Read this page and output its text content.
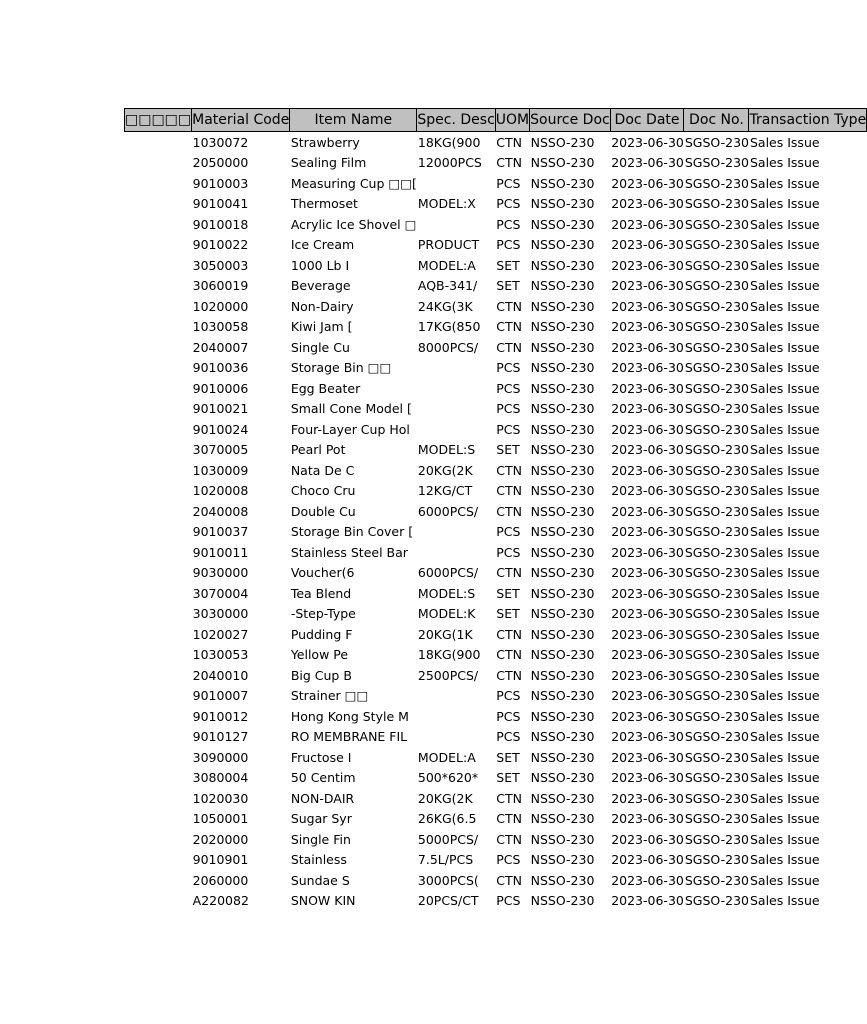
□□□□□	Material Code	Item Name	Spec. Desc	UOM	Source Doc	Doc Date	Doc No.	Transaction Type
	1030072	Strawberry	18KG(900	CTN	NSSO-230	2023-06-30	SGSO-230	Sales Issue
	2050000	Sealing Film	12000PCS	CTN	NSSO-230	2023-06-30	SGSO-230	Sales Issue
	9010003	Measuring Cup □□[		PCS	NSSO-230	2023-06-30	SGSO-230	Sales Issue
	9010041	Thermoset	MODEL:X	PCS	NSSO-230	2023-06-30	SGSO-230	Sales Issue
	9010018	Acrylic Ice Shovel □		PCS	NSSO-230	2023-06-30	SGSO-230	Sales Issue
	9010022	Ice Cream	PRODUCT	PCS	NSSO-230	2023-06-30	SGSO-230	Sales Issue
	3050003	1000 Lb I	MODEL:A	SET	NSSO-230	2023-06-30	SGSO-230	Sales Issue
	3060019	Beverage	AQB-341/	SET	NSSO-230	2023-06-30	SGSO-230	Sales Issue
	1020000	Non-Dairy	24KG(3K	CTN	NSSO-230	2023-06-30	SGSO-230	Sales Issue
	1030058	Kiwi Jam [	17KG(850	CTN	NSSO-230	2023-06-30	SGSO-230	Sales Issue
	2040007	Single Cu	8000PCS/	CTN	NSSO-230	2023-06-30	SGSO-230	Sales Issue
	9010036	Storage Bin □□		PCS	NSSO-230	2023-06-30	SGSO-230	Sales Issue
	9010006	Egg Beater		PCS	NSSO-230	2023-06-30	SGSO-230	Sales Issue
	9010021	Small Cone Model [		PCS	NSSO-230	2023-06-30	SGSO-230	Sales Issue
	9010024	Four-Layer Cup Hol		PCS	NSSO-230	2023-06-30	SGSO-230	Sales Issue
	3070005	Pearl Pot	MODEL:S	SET	NSSO-230	2023-06-30	SGSO-230	Sales Issue
	1030009	Nata De C	20KG(2K	CTN	NSSO-230	2023-06-30	SGSO-230	Sales Issue
	1020008	Choco Cru	12KG/CT	CTN	NSSO-230	2023-06-30	SGSO-230	Sales Issue
	2040008	Double Cu	6000PCS/	CTN	NSSO-230	2023-06-30	SGSO-230	Sales Issue
	9010037	Storage Bin Cover [		PCS	NSSO-230	2023-06-30	SGSO-230	Sales Issue
	9010011	Stainless Steel Bar		PCS	NSSO-230	2023-06-30	SGSO-230	Sales Issue
	9030000	Voucher(6	6000PCS/	CTN	NSSO-230	2023-06-30	SGSO-230	Sales Issue
	3070004	Tea Blend	MODEL:S	SET	NSSO-230	2023-06-30	SGSO-230	Sales Issue
	3030000	-Step-Type	MODEL:K	SET	NSSO-230	2023-06-30	SGSO-230	Sales Issue
	1020027	Pudding F	20KG(1K	CTN	NSSO-230	2023-06-30	SGSO-230	Sales Issue
	1030053	Yellow Pe	18KG(900	CTN	NSSO-230	2023-06-30	SGSO-230	Sales Issue
	2040010	Big Cup B	2500PCS/	CTN	NSSO-230	2023-06-30	SGSO-230	Sales Issue
	9010007	Strainer □□		PCS	NSSO-230	2023-06-30	SGSO-230	Sales Issue
	9010012	Hong Kong Style M		PCS	NSSO-230	2023-06-30	SGSO-230	Sales Issue
	9010127	RO MEMBRANE FIL		PCS	NSSO-230	2023-06-30	SGSO-230	Sales Issue
	3090000	Fructose I	MODEL:A	SET	NSSO-230	2023-06-30	SGSO-230	Sales Issue
	3080004	50 Centim	500*620*	SET	NSSO-230	2023-06-30	SGSO-230	Sales Issue
	1020030	NON-DAIR	20KG(2K	CTN	NSSO-230	2023-06-30	SGSO-230	Sales Issue
	1050001	Sugar Syr	26KG(6.5	CTN	NSSO-230	2023-06-30	SGSO-230	Sales Issue
	2020000	Single Fin	5000PCS/	CTN	NSSO-230	2023-06-30	SGSO-230	Sales Issue
	9010901	Stainless	7.5L/PCS	PCS	NSSO-230	2023-06-30	SGSO-230	Sales Issue
	2060000	Sundae S	3000PCS(	CTN	NSSO-230	2023-06-30	SGSO-230	Sales Issue
	A220082	SNOW KIN	20PCS/CT	PCS	NSSO-230	2023-06-30	SGSO-230	Sales Issue
